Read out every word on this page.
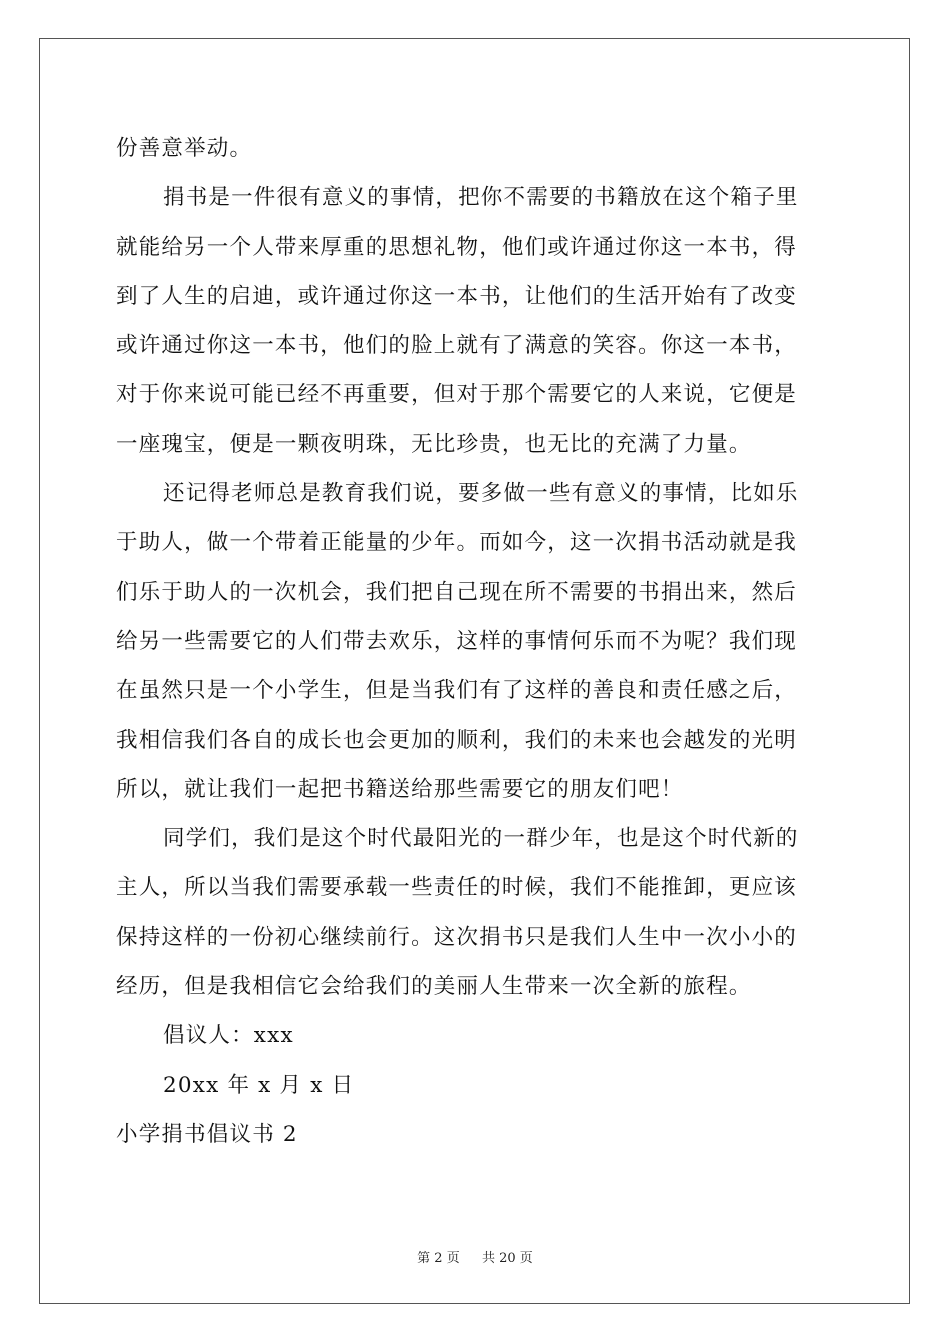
份善意举动。
捐书是一件很有意义的事情，把你不需要的书籍放在这个箱子里
就能给另一个人带来厚重的思想礼物，他们或许通过你这一本书，得
到了人生的启迪，或许通过你这一本书，让他们的生活开始有了改变
或许通过你这一本书，他们的脸上就有了满意的笑容。你这一本书，
对于你来说可能已经不再重要，但对于那个需要它的人来说，它便是
一座瑰宝，便是一颗夜明珠，无比珍贵，也无比的充满了力量。
还记得老师总是教育我们说，要多做一些有意义的事情，比如乐
于助人，做一个带着正能量的少年。而如今，这一次捐书活动就是我
们乐于助人的一次机会，我们把自己现在所不需要的书捐出来，然后
给另一些需要它的人们带去欢乐，这样的事情何乐而不为呢？我们现
在虽然只是一个小学生，但是当我们有了这样的善良和责任感之后，
我相信我们各自的成长也会更加的顺利，我们的未来也会越发的光明
所以，就让我们一起把书籍送给那些需要它的朋友们吧！
同学们，我们是这个时代最阳光的一群少年，也是这个时代新的
主人，所以当我们需要承载一些责任的时候，我们不能推卸，更应该
保持这样的一份初心继续前行。这次捐书只是我们人生中一次小小的
经历，但是我相信它会给我们的美丽人生带来一次全新的旅程。
倡议人：xxx
20xx 年 x 月 x 日
小学捐书倡议书 2
第 2 页 共 20 页
